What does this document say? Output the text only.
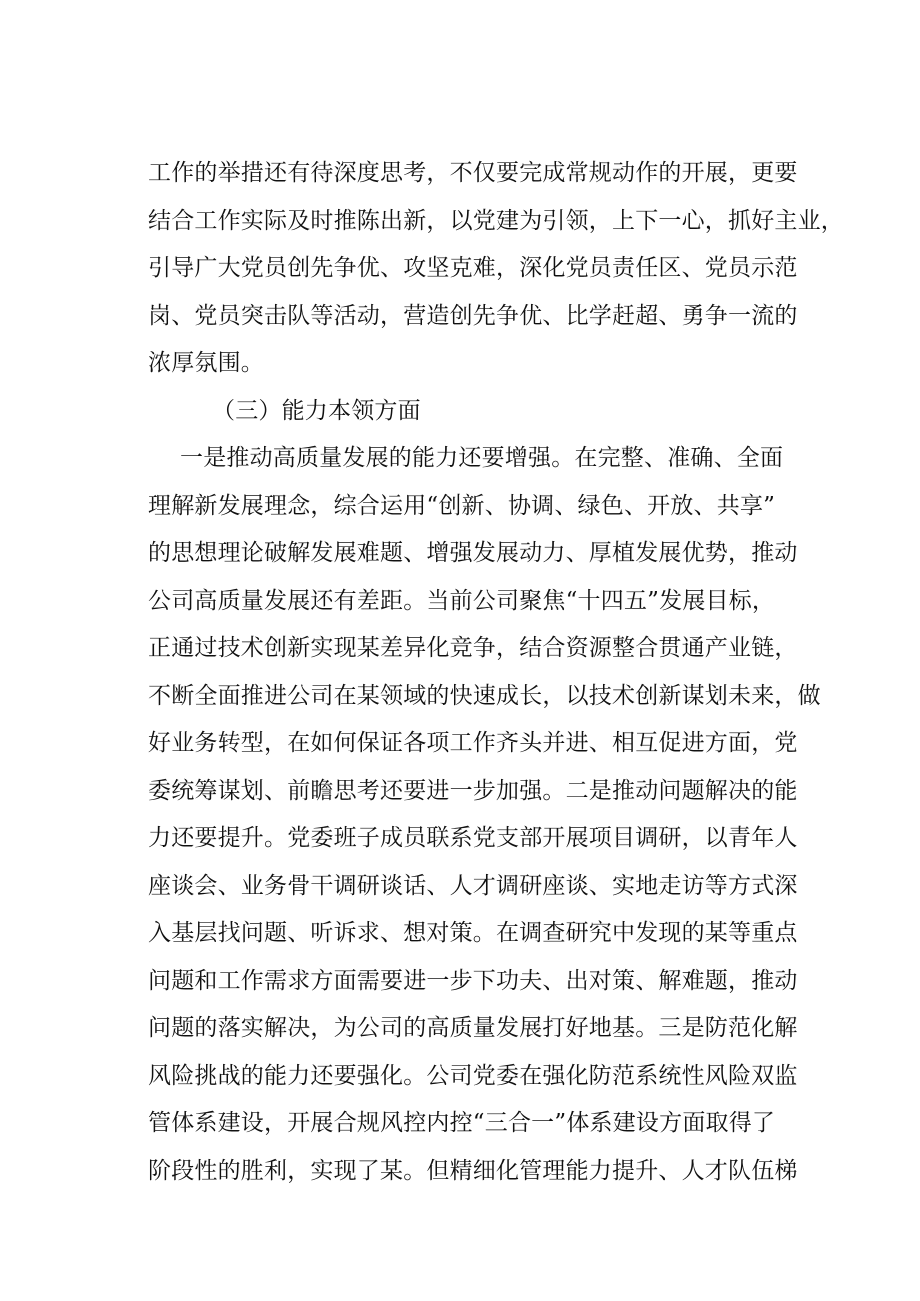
工作的举措还有待深度思考，不仅要完成常规动作的开展，更要
结合工作实际及时推陈出新，以党建为引领，上下一心，抓好主业，
引导广大党员创先争优、攻坚克难，深化党员责任区、党员示范
岗、党员突击队等活动，营造创先争优、比学赶超、勇争一流的
浓厚氛围。
（三）能力本领方面
一是推动高质量发展的能力还要增强。在完整、准确、全面
理解新发展理念，综合运用“创新、协调、绿色、开放、共享”
的思想理论破解发展难题、增强发展动力、厚植发展优势，推动
公司高质量发展还有差距。当前公司聚焦“十四五”发展目标，
正通过技术创新实现某差异化竞争，结合资源整合贯通产业链，
不断全面推进公司在某领域的快速成长，以技术创新谋划未来，做
好业务转型，在如何保证各项工作齐头并进、相互促进方面，党
委统筹谋划、前瞻思考还要进一步加强。二是推动问题解决的能
力还要提升。党委班子成员联系党支部开展项目调研，以青年人
座谈会、业务骨干调研谈话、人才调研座谈、实地走访等方式深
入基层找问题、听诉求、想对策。在调查研究中发现的某等重点
问题和工作需求方面需要进一步下功夫、出对策、解难题，推动
问题的落实解决，为公司的高质量发展打好地基。三是防范化解
风险挑战的能力还要强化。公司党委在强化防范系统性风险双监
管体系建设，开展合规风控内控“三合一”体系建设方面取得了
阶段性的胜利，实现了某。但精细化管理能力提升、人才队伍梯
